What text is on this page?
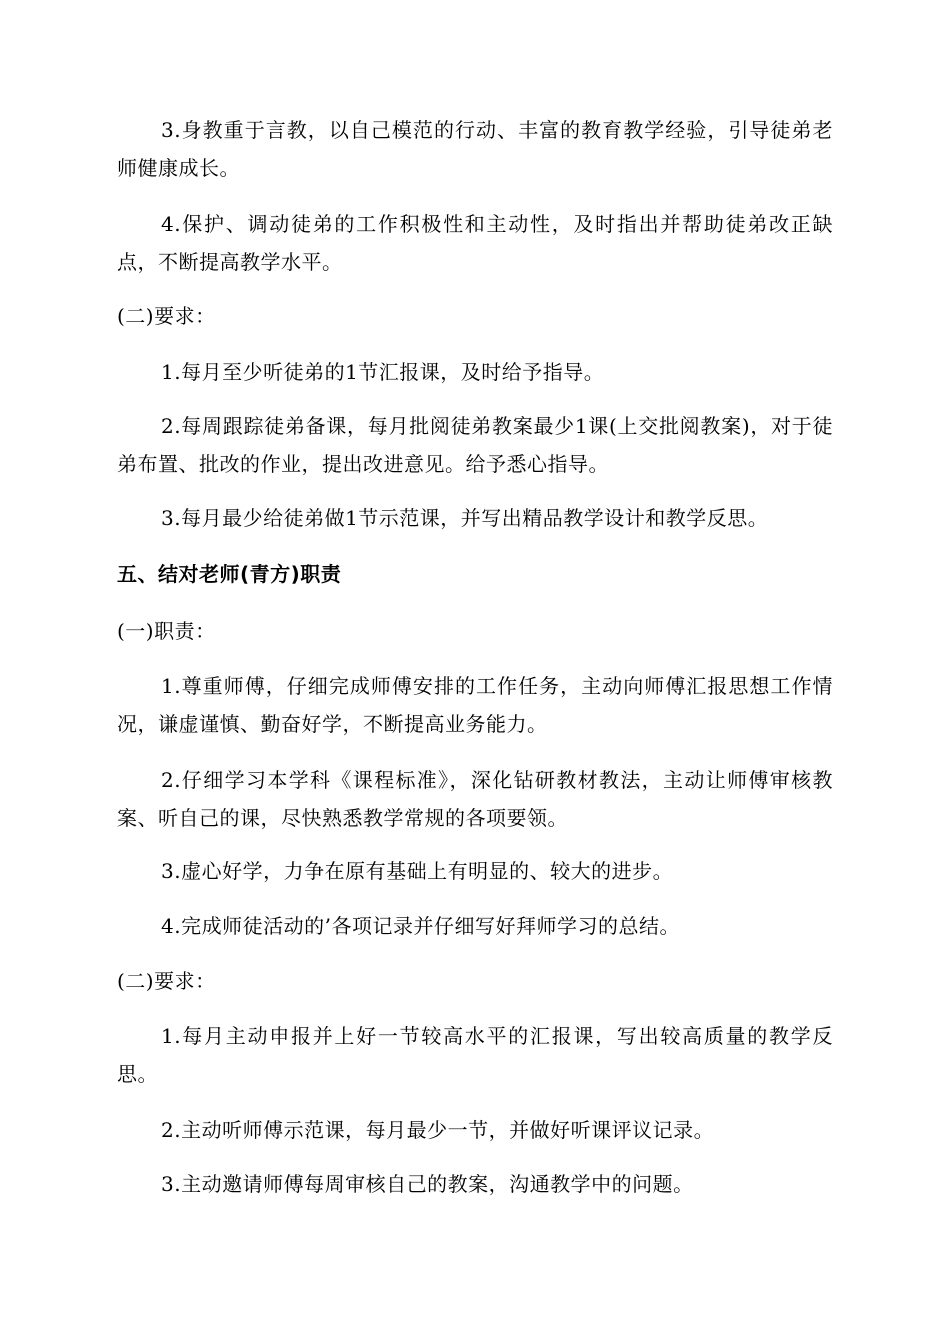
3.身教重于言教，以自己模范的行动、丰富的教育教学经验，引导徒弟老师健康成长。

4.保护、调动徒弟的工作积极性和主动性，及时指出并帮助徒弟改正缺点，不断提高教学水平。

(二)要求：

1.每月至少听徒弟的1节汇报课，及时给予指导。

2.每周跟踪徒弟备课，每月批阅徒弟教案最少1课(上交批阅教案)，对于徒弟布置、批改的作业，提出改进意见。给予悉心指导。

3.每月最少给徒弟做1节示范课，并写出精品教学设计和教学反思。

五、结对老师(青方)职责

(一)职责：

1.尊重师傅，仔细完成师傅安排的工作任务，主动向师傅汇报思想工作情况，谦虚谨慎、勤奋好学，不断提高业务能力。

2.仔细学习本学科《课程标准》，深化钻研教材教法，主动让师傅审核教案、听自己的课，尽快熟悉教学常规的各项要领。

3.虚心好学，力争在原有基础上有明显的、较大的进步。

4.完成师徒活动的’各项记录并仔细写好拜师学习的总结。

(二)要求：

1.每月主动申报并上好一节较高水平的汇报课，写出较高质量的教学反思。

2.主动听师傅示范课，每月最少一节，并做好听课评议记录。

3.主动邀请师傅每周审核自己的教案，沟通教学中的问题。
